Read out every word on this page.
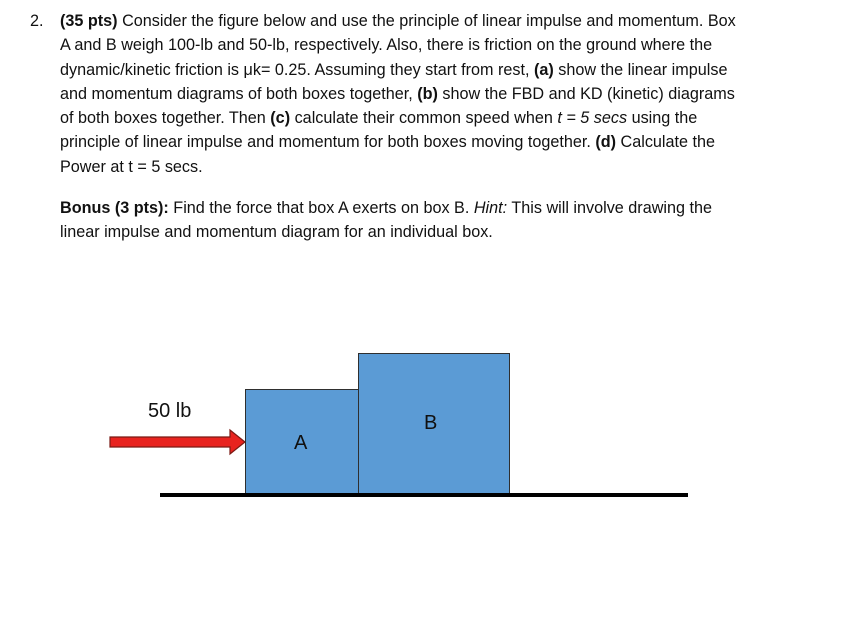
2. (35 pts) Consider the figure below and use the principle of linear impulse and momentum. Box
A and B weigh 100-lb and 50-lb, respectively. Also, there is friction on the ground where the
dynamic/kinetic friction is μk= 0.25. Assuming they start from rest, (a) show the linear impulse
and momentum diagrams of both boxes together, (b) show the FBD and KD (kinetic) diagrams
of both boxes together. Then (c) calculate their common speed when t = 5 secs using the
principle of linear impulse and momentum for both boxes moving together. (d) Calculate the
Power at t = 5 secs.
Bonus (3 pts): Find the force that box A exerts on box B. Hint: This will involve drawing the
linear impulse and momentum diagram for an individual box.
50 lb
A
B
